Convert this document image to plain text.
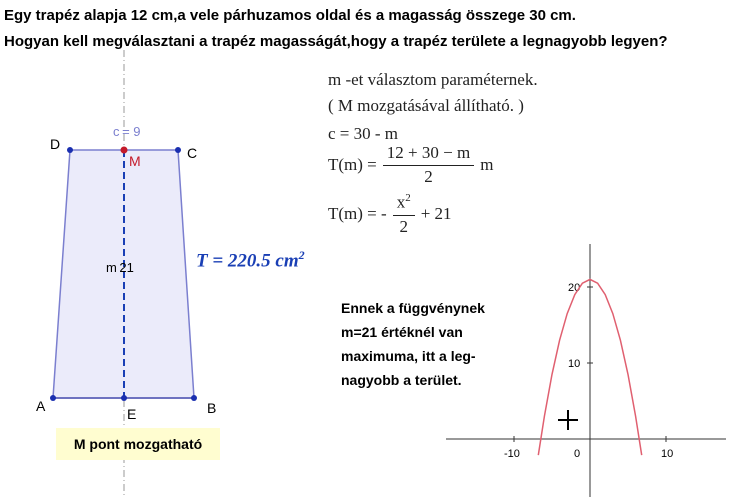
Egy trapéz alapja 12 cm,a vele párhuzamos oldal és a magasság összege 30 cm.

Hogyan kell megválasztani a trapéz magasságát,hogy a trapéz területe a legnagyobb legyen?

D
C
A	B
E
M
c = 9
m 21
-10	0	10
10
20
m -et választom paraméternek.
( M mozgatásával állítható. )
c = 30 - m
$T(m) = \frac{12 + 30 - m}{2}$ m
T(m) = - $\frac{x^2}{2} + 21$
T = 220.5 $cm^2$
Ennek a függvénynek
m=21 értéknél van
maximuma, itt a leg-
nagyobb a terület.
M pont mozgatható
